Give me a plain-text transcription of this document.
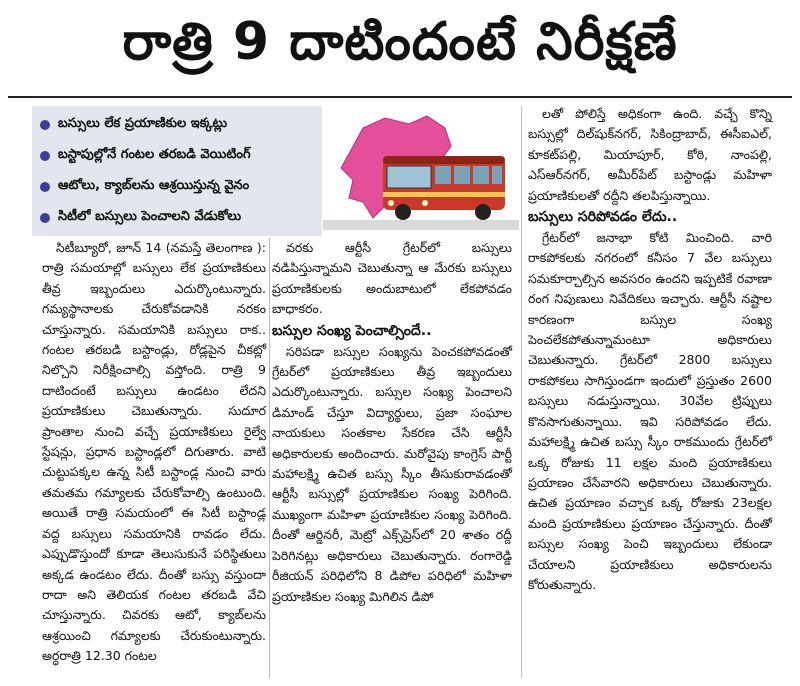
రాత్రి 9 దాటిందంటే నిరీక్షణే
బస్సులు లేక ప్రయాణికుల ఇక్కట్లు
బస్టాపుల్లోనే గంటల తరబడి వెయిటింగ్
ఆటోలు, క్యాబ్‌లను ఆశ్రయిస్తున్న వైనం
సిటీలో బస్సులు పెంచాలని వేడుకోలు

సిటీబ్యూరో, జూన్ 14 (నమస్తే తెలంగాణ ): రాత్రి సమయాల్లో బస్సులు లేక ప్రయాణికులు తీవ్ర ఇబ్బందులు ఎదుర్కొంటున్నారు. గమ్యస్థానాలకు చేరుకోవడానికి నరకం చూస్తున్నారు. సమయానికి బస్సులు రాక.. గంటల తరబడి బస్టాండ్లు, రోడ్లపైన చీకట్లో నిల్చొని నిరీక్షించాల్సి వస్తోంది. రాత్రి 9 దాటిందంటే బస్సులు ఉండటం లేదని ప్రయాణికులు చెబుతున్నారు. సుదూర ప్రాంతాల నుంచి వచ్చే ప్రయాణికులు రైల్వే స్టేషన్లు, ప్రధాన బస్టాండ్లలో దిగుతారు. వాటి చుట్టుపక్కల ఉన్న సిటీ బస్టాండ్ల నుంచి వారు తమతమ గమ్యాలకు చేరుకోవాల్సి ఉంటుంది. అయితే రాత్రి సమయంలో ఈ సిటీ బస్టాండ్ల వద్ద బస్సులు సమయానికి రావడం లేదు. ఎప్పుడొస్తుందో కూడా తెలుసుకునే పరిస్థితులు అక్కడ ఉండటం లేదు. దీంతో బస్సు వస్తుందా రాదా అని తెలియక గంటల తరబడి వేచి చూస్తున్నారు. చివరకు ఆటో, క్యాబ్‌లను ఆశ్రయించి గమ్యాలకు చేరుకుంటున్నారు. అర్ధరాత్రి 12.30 గంటల

వరకు ఆర్టీసీ గ్రేటర్‌లో బస్సులు నడిపిస్తున్నామని చెబుతున్నా ఆ మేరకు బస్సులు ప్రయాణికులకు అందుబాటులో లేకపోవడం బాధాకరం.

బస్సుల సంఖ్య పెంచాల్సిందే..

సరిపడా బస్సుల సంఖ్యను పెంచకపోవడంతో గ్రేటర్‌లో ప్రయాణికులు తీవ్ర ఇబ్బందులు ఎదుర్కొంటున్నారు. బస్సుల సంఖ్య పెంచాలని డిమాండ్ చేస్తూ విద్యార్థులు, ప్రజా సంఘాల నాయకులు సంతకాల సేకరణ చేసి ఆర్టీసీ అధికారులకు అందించారు. మరోవైపు కాంగ్రెస్ పార్టీ మహాలక్ష్మి ఉచిత బస్సు స్కీం తీసుకురావడంతో ఆర్టీసీ బస్సుల్లో ప్రయాణికుల సంఖ్య పెరిగింది. ముఖ్యంగా మహిళా ప్రయాణికుల సంఖ్య పెరిగింది. దీంతో ఆర్డినరీ, మెట్రో ఎక్స్‌ప్రెస్‌లో 20 శాతం రద్దీ పెరిగినట్లు అధికారులు చెబుతున్నారు. రంగారెడ్డి రీజియన్ పరిధిలోని 8 డిపోల పరిధిలో మహిళా ప్రయాణికుల సంఖ్య మిగిలిన డిపో

లతో పోలిస్తే అధికంగా ఉంది. వచ్చే కొన్ని బస్సుల్లో దిల్‌షుక్‌నగర్, సికింద్రాబాద్, ఈసీఐఎల్, కూకట్‌పల్లి, మియాపూర్, కోఠి, నాంపల్లి, ఎస్‌ఆర్‌నగర్, అమీర్‌పేట్ బస్టాండ్లు మహిళా ప్రయాణికులతో రద్దీని తలపిస్తున్నాయి.

బస్సులు సరిపోవడం లేదు..

గ్రేటర్‌లో జనాభా కోటి మించింది. వారి రాకపోకలకు నగరంలో కనీసం 7 వేల బస్సులు సమకూర్చాల్సిన అవసరం ఉందని ఇప్పటికే రవాణా రంగ నిపుణులు నివేదికలు ఇచ్చారు. ఆర్టీసీ నష్టాల కారణంగా బస్సుల సంఖ్య పెంచలేకపోతున్నామంటూ అధికారులు చెబుతున్నారు. గ్రేటర్‌లో 2800 బస్సులు రాకపోకలు సాగిస్తుండగా ఇందులో ప్రస్తుతం 2600 బస్సులు నడుస్తున్నాయి. 30వేల ట్రిప్పులు కొనసాగుతున్నాయి. ఇవి సరిపోవడం లేదు. మహాలక్ష్మి ఉచిత బస్సు స్కీం రాకముందు గ్రేటర్‌లో ఒక్క రోజుకు 11 లక్షల మంది ప్రయాణికులు ప్రయాణం చేసేవారని అధికారులు చెబుతున్నారు. ఉచిత ప్రయాణం వచ్చాక ఒక్క రోజుకు 23లక్షల మంది ప్రయాణికులు ప్రయాణం చేస్తున్నారు. దీంతో బస్సుల సంఖ్య పెంచి ఇబ్బందులు లేకుండా చేయాలని ప్రయాణికులు అధికారులను కోరుతున్నారు.
